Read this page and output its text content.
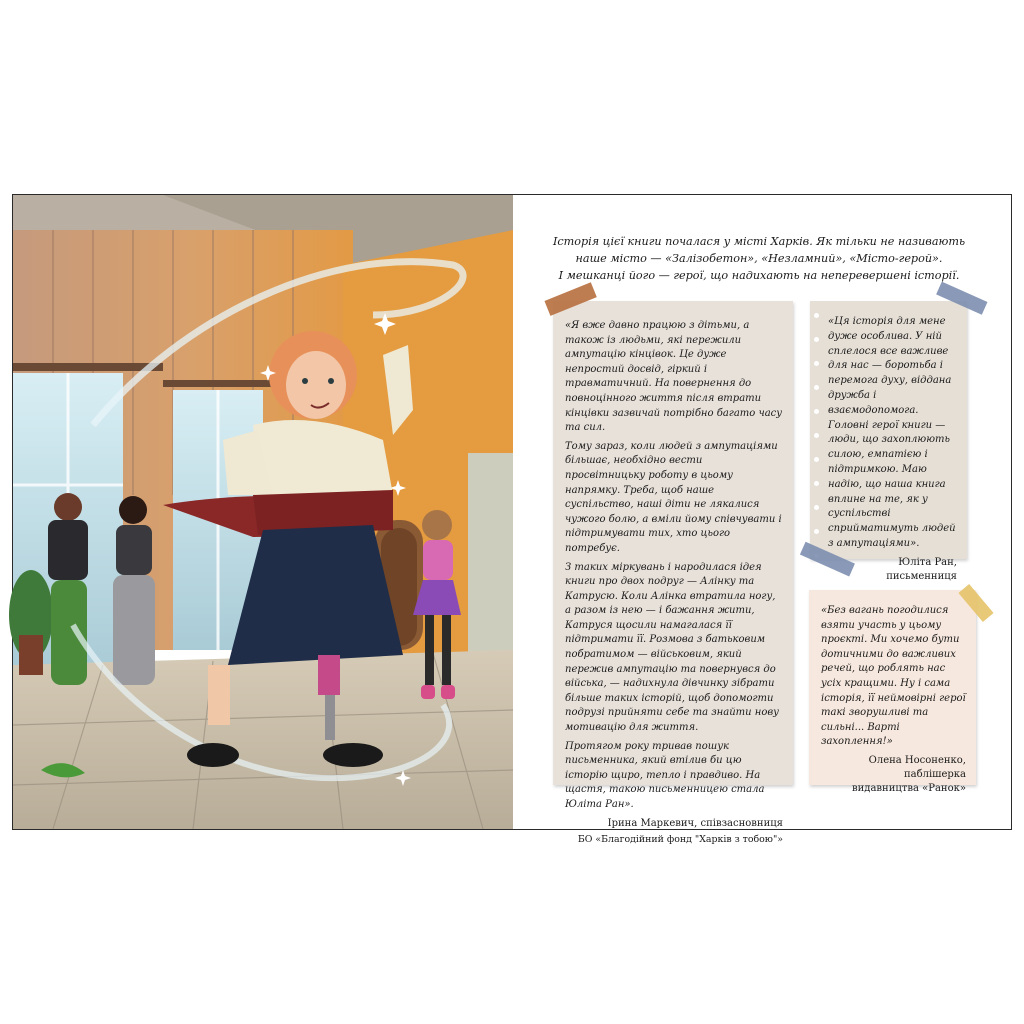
Історія цієї книги почалася у місті Харків. Як тільки не називають

наше місто — «Залізобетон», «Незламний», «Місто-герой».

І мешканці його — герої, що надихають на неперевершені історії.

«Я вже давно працюю з дітьми, а також із людьми, які пережили ампутацію кінцівок. Це дуже непростий досвід, гіркий і травматичний. На повернення до повноцінного життя після втрати кінцівки зазвичай потрібно багато часу та сил.

Тому зараз, коли людей з ампутаціями більшає, необхідно вести просвітницьку роботу в цьому напрямку. Треба, щоб наше суспільство, наші діти не лякалися чужого болю, а вміли йому співчувати і підтримувати тих, хто цього потребує.

З таких міркувань і народилася ідея книги про двох подруг — Алінку та Катрусю. Коли Алінка втратила ногу, а разом із нею — і бажання жити, Катруся щосили намагалася її підтримати її. Розмова з батьковим побратимом — військовим, який пережив ампутацію та повернувся до війська, — надихнула дівчинку зібрати більше таких історій, щоб допомогти подрузі прийняти себе та знайти нову мотивацію для життя.

Протягом року тривав пошук письменника, який втілив би цю історію щиро, тепло і правдиво. На щастя, такою письменницею стала Юліта Ран».

Ірина Маркевич, співзасновниця

БО «Благодійний фонд "Харків з тобою"»

«Ця історія для мене дуже особлива. У ній сплелося все важливе для нас — боротьба і перемога духу, віддана дружба і взаємодопомога. Головні герої книги — люди, що захоплюють силою, емпатією і підтримкою. Маю надію, що наша книга вплине на те, як у суспільстві сприйматимуть людей з ампутаціями».

Юліта Ран,

письменниця

«Без вагань погодилися взяти участь у цьому проєкті. Ми хочемо бути дотичними до важливих речей, що роблять нас усіх кращими. Ну і сама історія, її неймовірні герої такі зворушливі та сильні... Варті захоплення!»

Олена Носоненко,

паблішерка

видавництва «Ранок»
